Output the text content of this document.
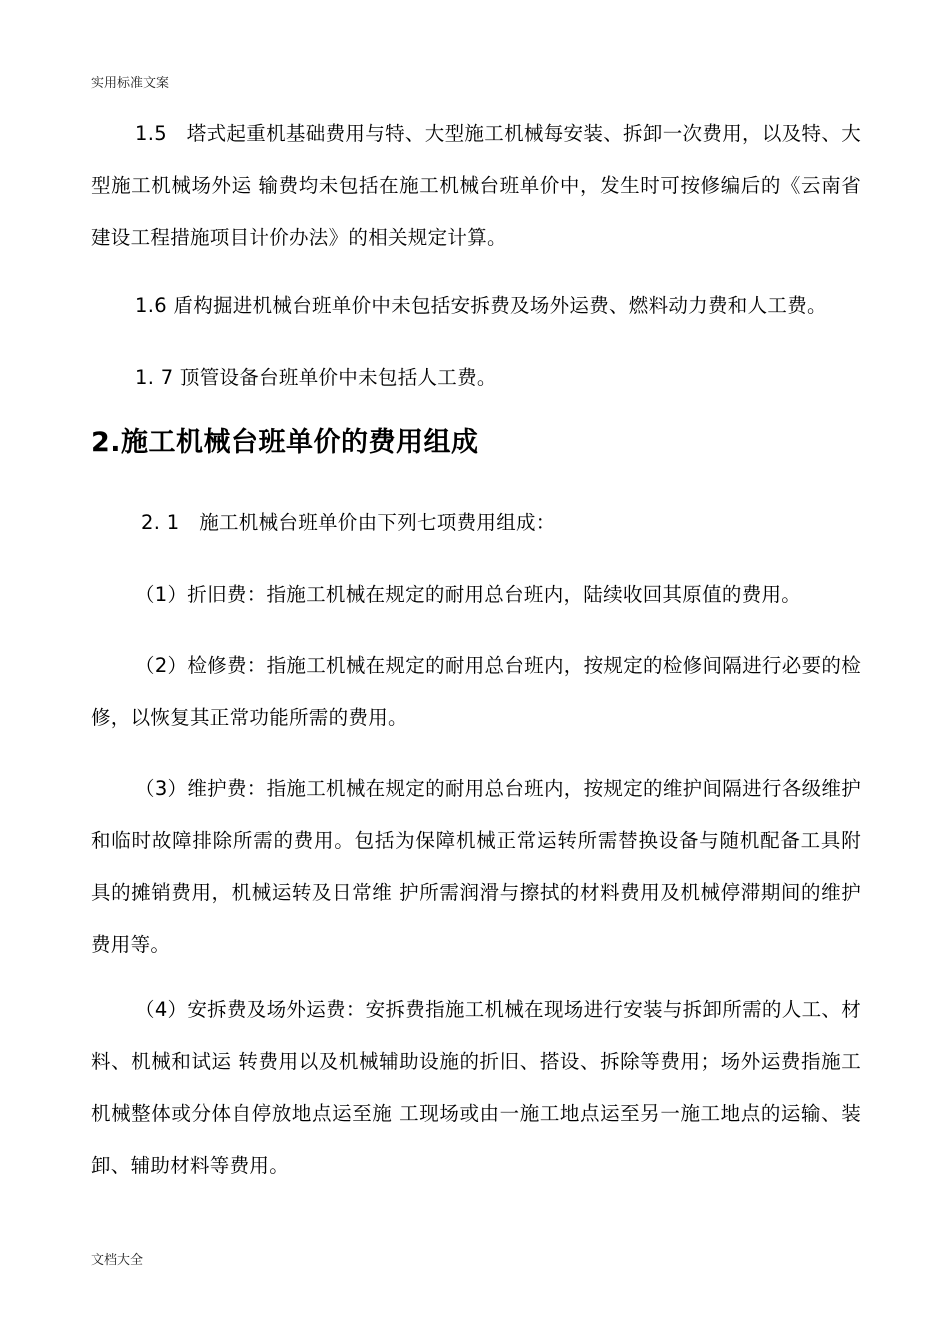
实用标准文案

1.5　塔式起重机基础费用与特、大型施工机械每安装、拆卸一次费用，以及特、大型施工机械场外运 输费均未包括在施工机械台班单价中，发生时可按修编后的《云南省建设工程措施项目计价办法》的相关规定计算。

1.6 盾构掘进机械台班单价中未包括安拆费及场外运费、燃料动力费和人工费。

1. 7 顶管设备台班单价中未包括人工费。

2.施工机械台班单价的费用组成

2. 1　施工机械台班单价由下列七项费用组成：

（1）折旧费：指施工机械在规定的耐用总台班内，陆续收回其原值的费用。

（2）检修费：指施工机械在规定的耐用总台班内，按规定的检修间隔进行必要的检修，以恢复其正常功能所需的费用。

（3）维护费：指施工机械在规定的耐用总台班内，按规定的维护间隔进行各级维护和临时故障排除所需的费用。包括为保障机械正常运转所需替换设备与随机配备工具附具的摊销费用，机械运转及日常维 护所需润滑与擦拭的材料费用及机械停滞期间的维护费用等。

（4）安拆费及场外运费：安拆费指施工机械在现场进行安装与拆卸所需的人工、材料、机械和试运 转费用以及机械辅助设施的折旧、搭设、拆除等费用；场外运费指施工机械整体或分体自停放地点运至施 工现场或由一施工地点运至另一施工地点的运输、装卸、辅助材料等费用。

文档大全
